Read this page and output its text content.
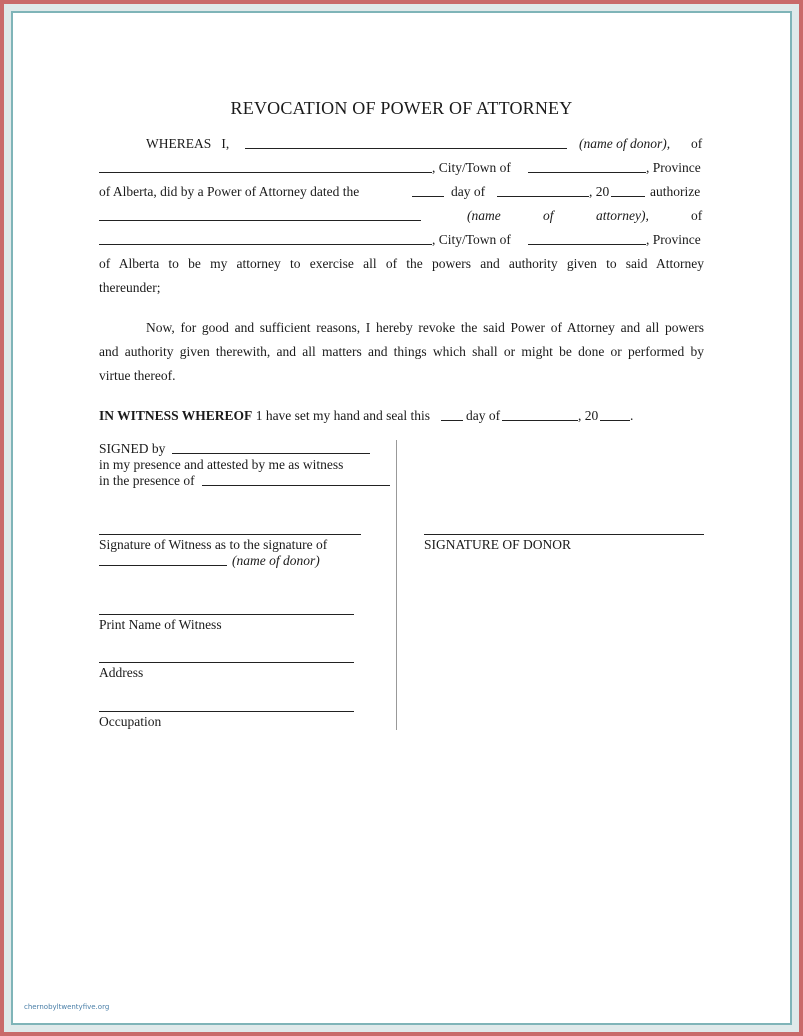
REVOCATION OF POWER OF ATTORNEY
WHEREAS I,	(name of donor), of
, City/Town of	, Province
of Alberta, did by a Power of Attorney dated the	day of	, 20	authorize
(name	of	attorney),	of
, City/Town of	, Province
of Alberta to be my attorney to exercise all of the powers and authority given to said Attorney
thereunder;
Now, for good and sufficient reasons, I hereby revoke the said Power of Attorney and all powers
and authority given therewith, and all matters and things which shall or might be done or performed by
virtue thereof.
IN WITNESS WHEREOF 1 have set my hand and seal this	day of	, 20 .
SIGNED by
in my presence and attested by me as witness
in the presence of
Signature of Witness as to the signature of
(name of donor)
Print Name of Witness
Address
Occupation
SIGNATURE OF DONOR
chernobyltwentyfive.org
